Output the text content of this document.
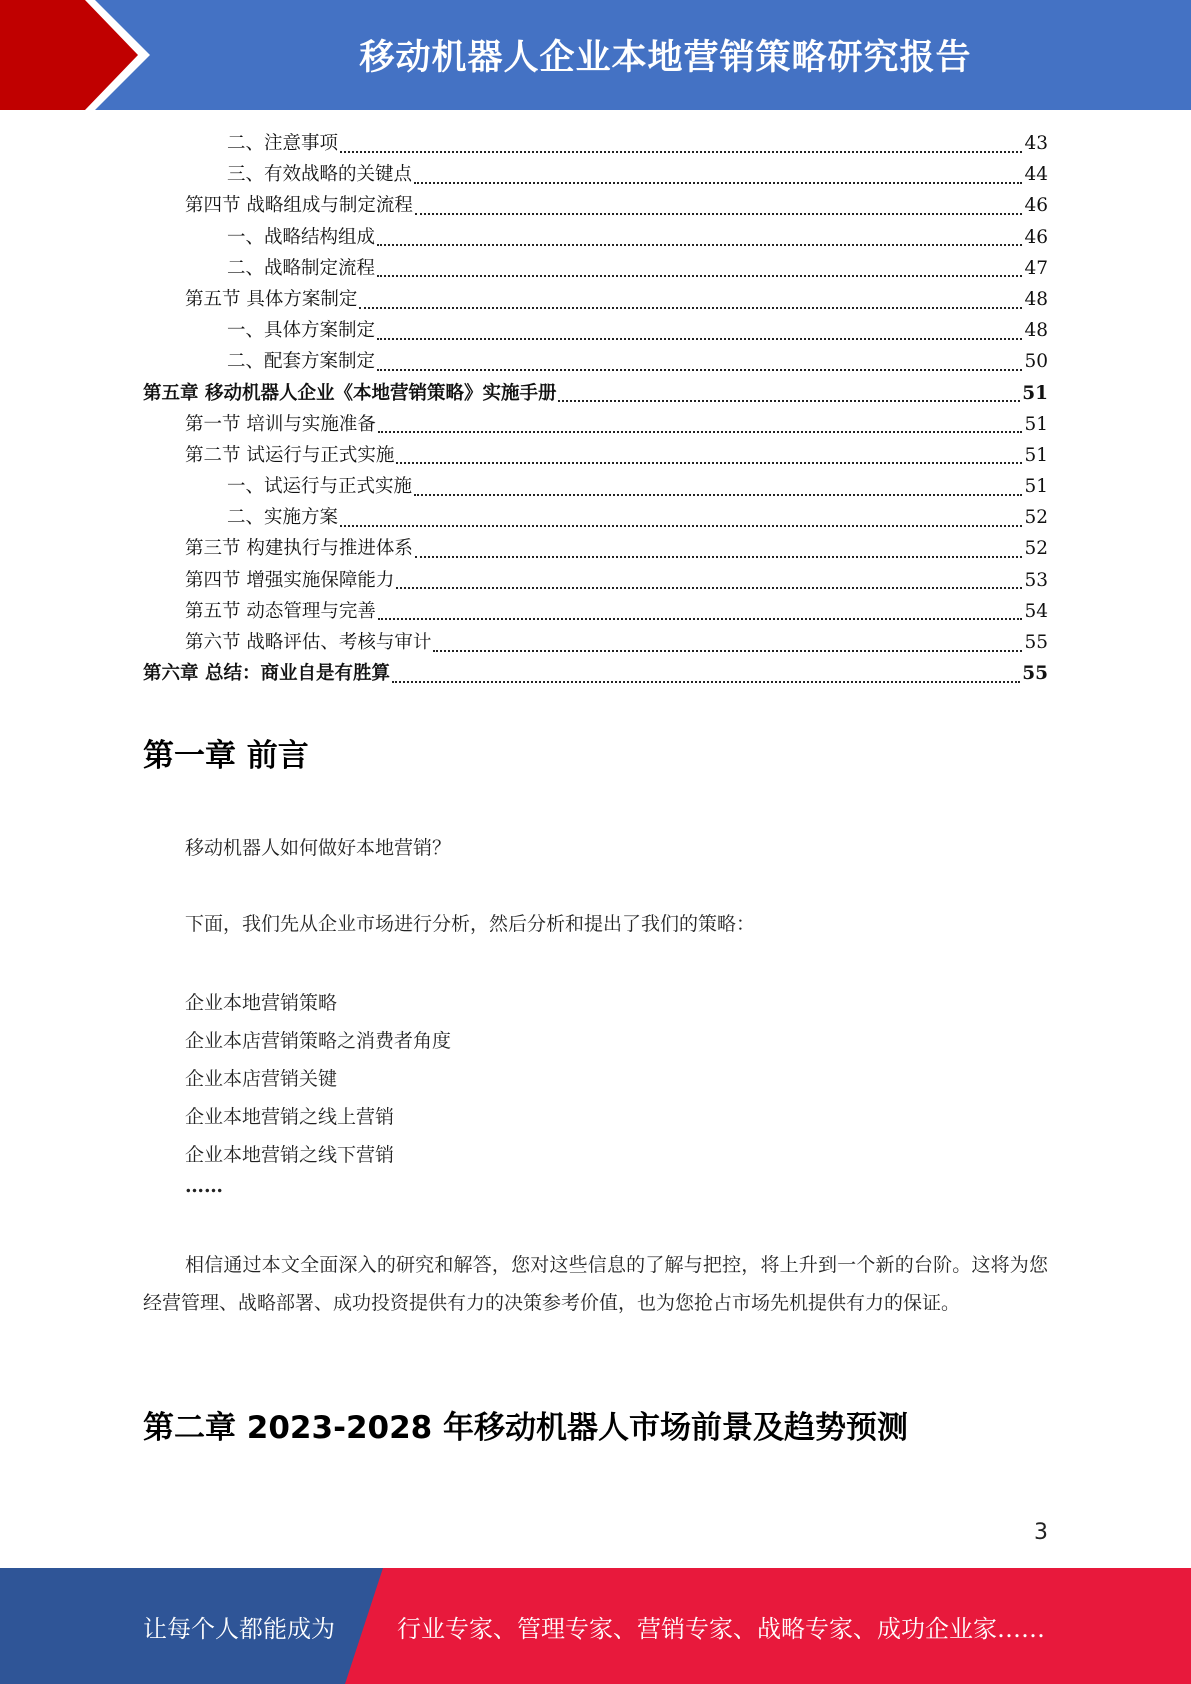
移动机器人企业本地营销策略研究报告
二、注意事项	43
三、有效战略的关键点	44
第四节 战略组成与制定流程	46
一、战略结构组成	46
二、战略制定流程	47
第五节 具体方案制定	48
一、具体方案制定	48
二、配套方案制定	50
第五章 移动机器人企业《本地营销策略》实施手册	51
第一节 培训与实施准备	51
第二节 试运行与正式实施	51
一、试运行与正式实施	51
二、实施方案	52
第三节 构建执行与推进体系	52
第四节 增强实施保障能力	53
第五节 动态管理与完善	54
第六节 战略评估、考核与审计	55
第六章 总结：商业自是有胜算	55
第一章 前言
移动机器人如何做好本地营销？
下面，我们先从企业市场进行分析，然后分析和提出了我们的策略：
企业本地营销策略
企业本店营销策略之消费者角度
企业本店营销关键
企业本地营销之线上营销
企业本地营销之线下营销
……
相信通过本文全面深入的研究和解答，您对这些信息的了解与把控，将上升到一个新的台阶。这将为您经营管理、战略部署、成功投资提供有力的决策参考价值，也为您抢占市场先机提供有力的保证。
第二章 2023-2028 年移动机器人市场前景及趋势预测
3
让每个人都能成为	行业专家、管理专家、营销专家、战略专家、成功企业家……
